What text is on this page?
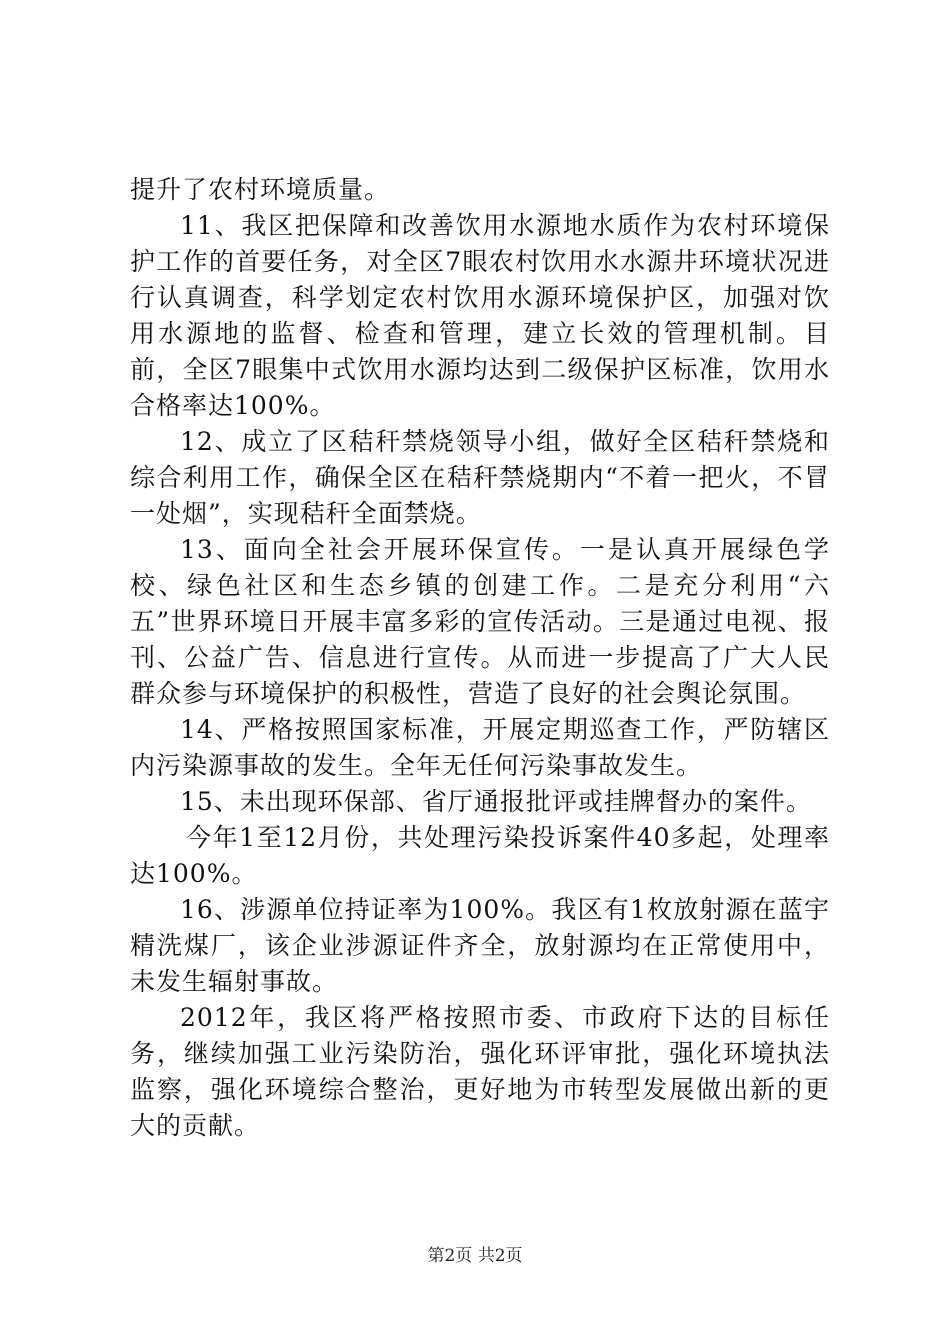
提升了农村环境质量。

11、我区把保障和改善饮用水源地水质作为农村环境保护工作的首要任务，对全区7眼农村饮用水水源井环境状况进行认真调查，科学划定农村饮用水源环境保护区，加强对饮用水源地的监督、检查和管理，建立长效的管理机制。目前，全区7眼集中式饮用水源均达到二级保护区标准，饮用水合格率达100%。

12、成立了区秸秆禁烧领导小组，做好全区秸秆禁烧和综合利用工作，确保全区在秸秆禁烧期内“不着一把火，不冒一处烟”，实现秸秆全面禁烧。

13、面向全社会开展环保宣传。一是认真开展绿色学校、绿色社区和生态乡镇的创建工作。二是充分利用“六五”世界环境日开展丰富多彩的宣传活动。三是通过电视、报刊、公益广告、信息进行宣传。从而进一步提高了广大人民群众参与环境保护的积极性，营造了良好的社会舆论氛围。

14、严格按照国家标准，开展定期巡查工作，严防辖区内污染源事故的发生。全年无任何污染事故发生。

15、未出现环保部、省厅通报批评或挂牌督办的案件。

今年1至12月份，共处理污染投诉案件40多起，处理率达100%。

16、涉源单位持证率为100%。我区有1枚放射源在蓝宇精洗煤厂，该企业涉源证件齐全，放射源均在正常使用中，未发生辐射事故。

2012年，我区将严格按照市委、市政府下达的目标任务，继续加强工业污染防治，强化环评审批，强化环境执法监察，强化环境综合整治，更好地为市转型发展做出新的更大的贡献。

第2页 共2页
